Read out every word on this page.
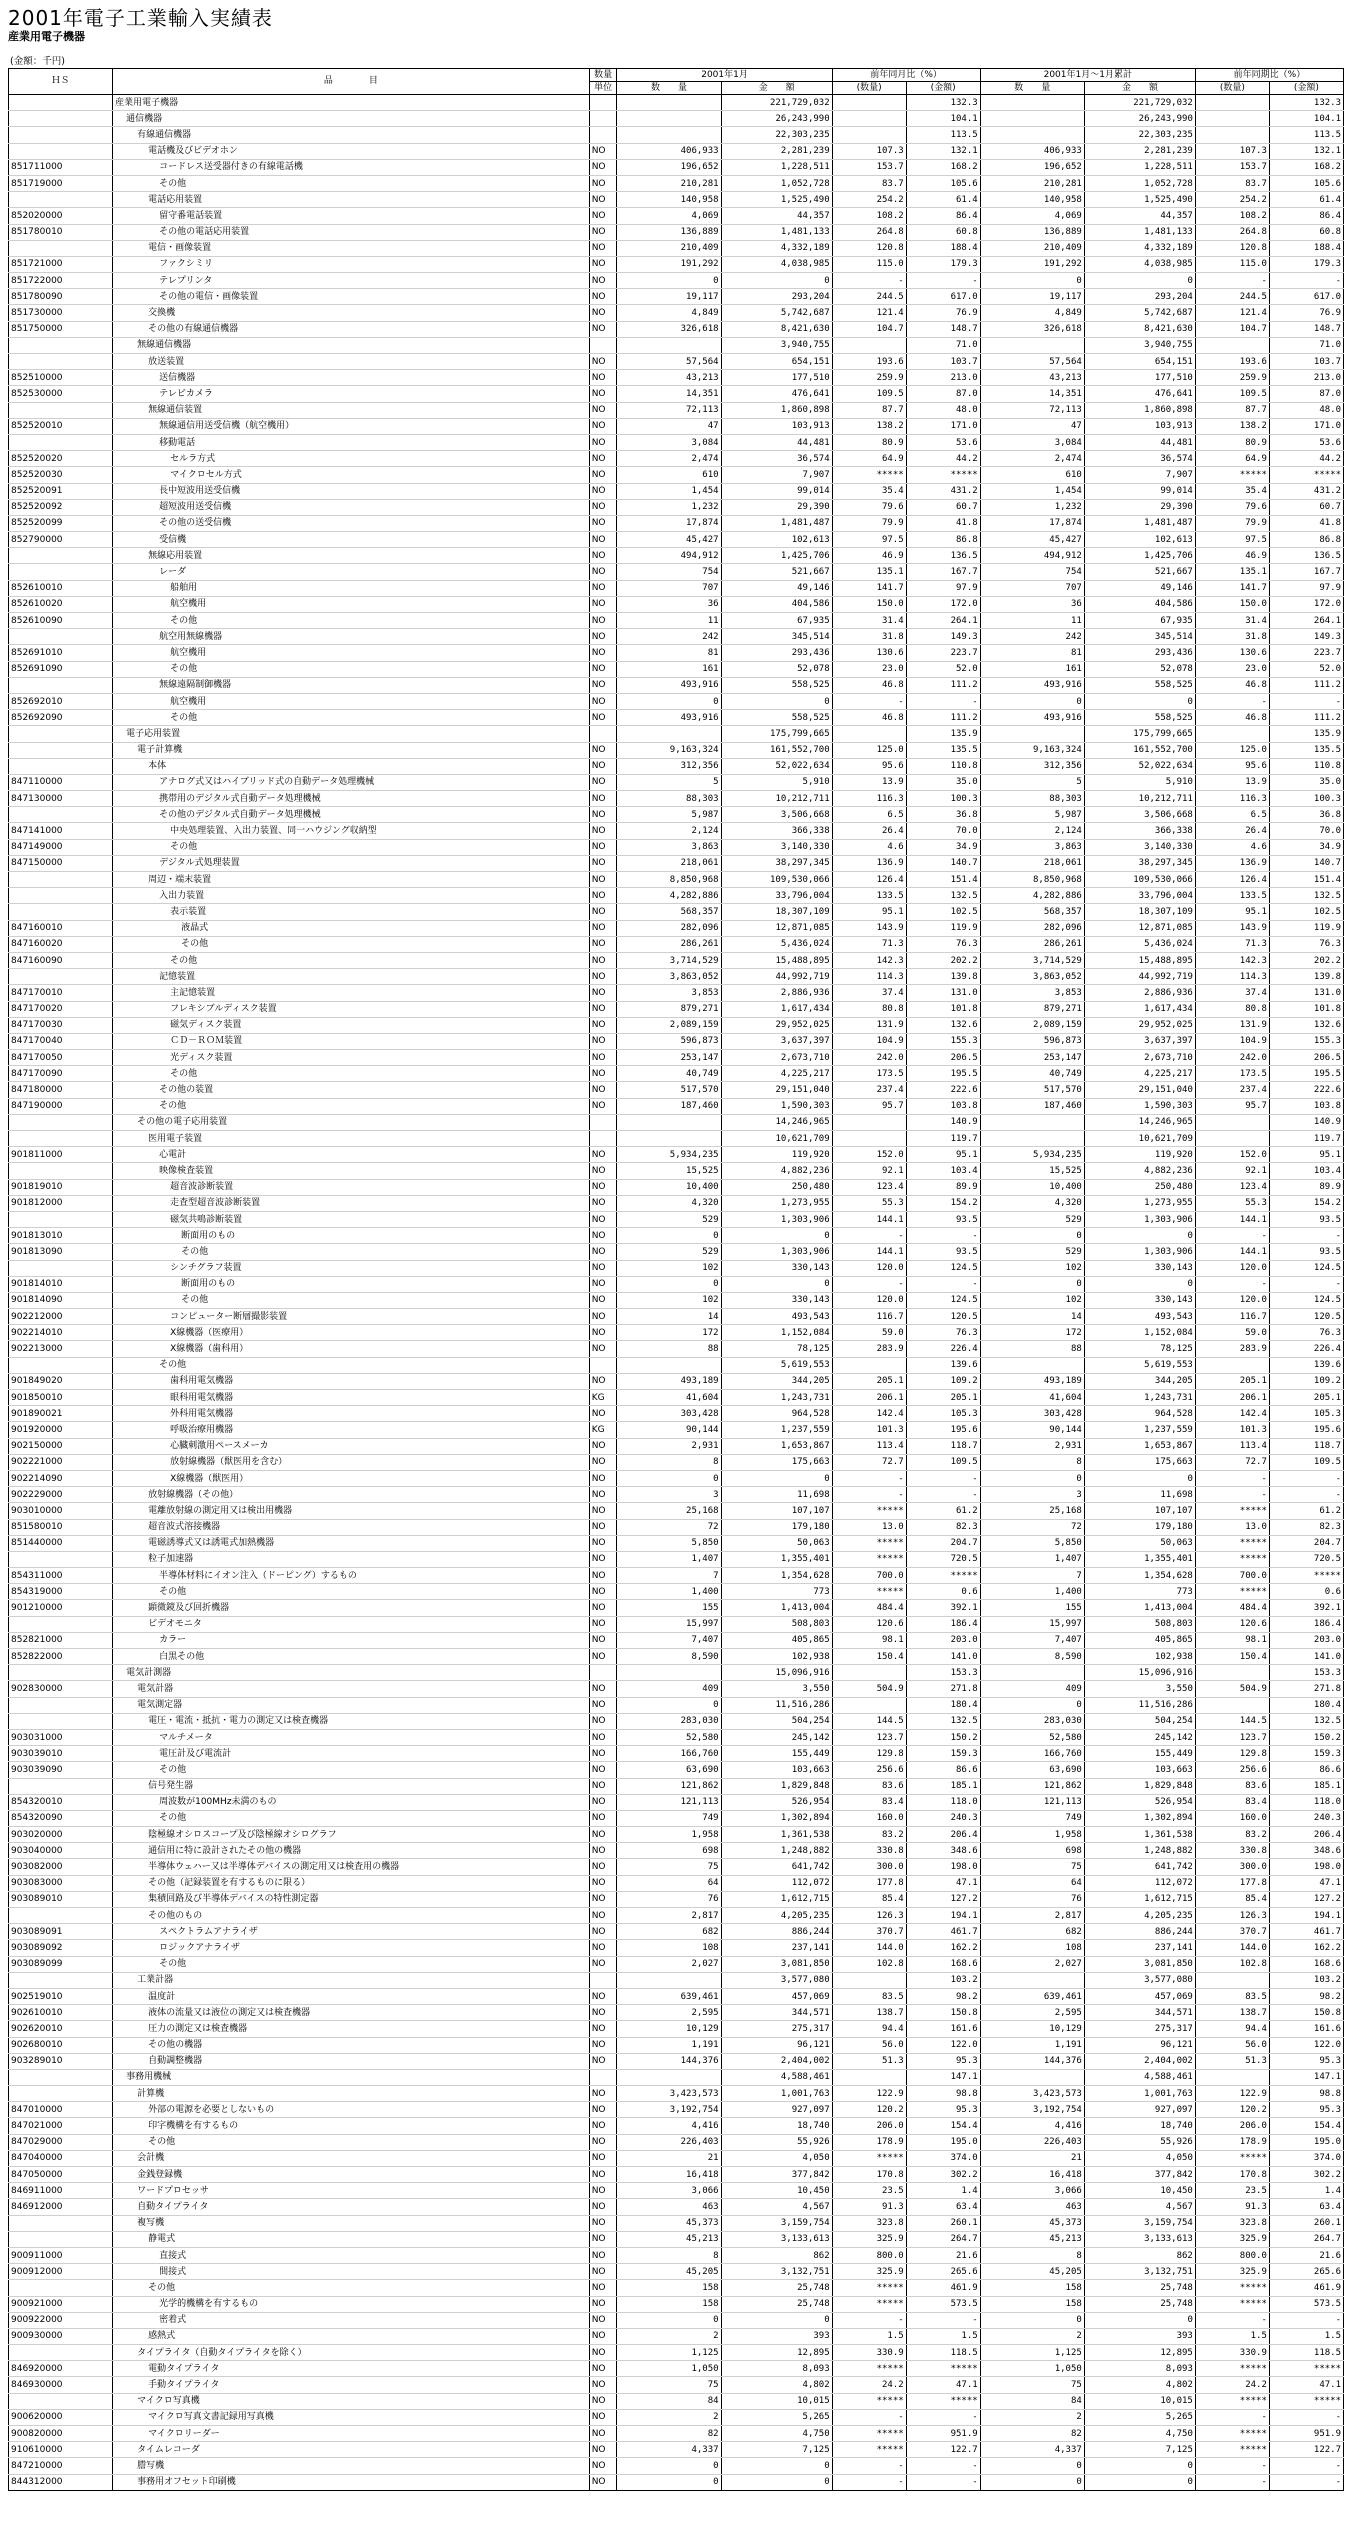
2001年電子工業輸入実績表
産業用電子機器
(金額：千円)
ＨＳ	品　　　　目	数量	2001年1月		前年同月比（%）		2001年1月～1月累計		前年同期比（%）	
		単位	数　　量	金　　額	(数量)	(金額)	数　　量	金　　額	(数量)	(金額)
	産業用電子機器			221,729,032		132.3		221,729,032		132.3
	通信機器			26,243,990		104.1		26,243,990		104.1
	有線通信機器			22,303,235		113.5		22,303,235		113.5
	電話機及びビデオホン	NO	406,933	2,281,239	107.3	132.1	406,933	2,281,239	107.3	132.1
851711000	コードレス送受器付きの有線電話機	NO	196,652	1,228,511	153.7	168.2	196,652	1,228,511	153.7	168.2
851719000	その他	NO	210,281	1,052,728	83.7	105.6	210,281	1,052,728	83.7	105.6
	電話応用装置	NO	140,958	1,525,490	254.2	61.4	140,958	1,525,490	254.2	61.4
852020000	留守番電話装置	NO	4,069	44,357	108.2	86.4	4,069	44,357	108.2	86.4
851780010	その他の電話応用装置	NO	136,889	1,481,133	264.8	60.8	136,889	1,481,133	264.8	60.8
	電信・画像装置	NO	210,409	4,332,189	120.8	188.4	210,409	4,332,189	120.8	188.4
851721000	ファクシミリ	NO	191,292	4,038,985	115.0	179.3	191,292	4,038,985	115.0	179.3
851722000	テレプリンタ	NO	0	0	-	-	0	0	-	-
851780090	その他の電信・画像装置	NO	19,117	293,204	244.5	617.0	19,117	293,204	244.5	617.0
851730000	交換機	NO	4,849	5,742,687	121.4	76.9	4,849	5,742,687	121.4	76.9
851750000	その他の有線通信機器	NO	326,618	8,421,630	104.7	148.7	326,618	8,421,630	104.7	148.7
	無線通信機器			3,940,755		71.0		3,940,755		71.0
	放送装置	NO	57,564	654,151	193.6	103.7	57,564	654,151	193.6	103.7
852510000	送信機器	NO	43,213	177,510	259.9	213.0	43,213	177,510	259.9	213.0
852530000	テレビカメラ	NO	14,351	476,641	109.5	87.0	14,351	476,641	109.5	87.0
	無線通信装置	NO	72,113	1,860,898	87.7	48.0	72,113	1,860,898	87.7	48.0
852520010	無線通信用送受信機（航空機用）	NO	47	103,913	138.2	171.0	47	103,913	138.2	171.0
	移動電話	NO	3,084	44,481	80.9	53.6	3,084	44,481	80.9	53.6
852520020	セルラ方式	NO	2,474	36,574	64.9	44.2	2,474	36,574	64.9	44.2
852520030	マイクロセル方式	NO	610	7,907	*****	*****	610	7,907	*****	*****
852520091	長中短波用送受信機	NO	1,454	99,014	35.4	431.2	1,454	99,014	35.4	431.2
852520092	超短波用送受信機	NO	1,232	29,390	79.6	60.7	1,232	29,390	79.6	60.7
852520099	その他の送受信機	NO	17,874	1,481,487	79.9	41.8	17,874	1,481,487	79.9	41.8
852790000	受信機	NO	45,427	102,613	97.5	86.8	45,427	102,613	97.5	86.8
	無線応用装置	NO	494,912	1,425,706	46.9	136.5	494,912	1,425,706	46.9	136.5
	レーダ	NO	754	521,667	135.1	167.7	754	521,667	135.1	167.7
852610010	船舶用	NO	707	49,146	141.7	97.9	707	49,146	141.7	97.9
852610020	航空機用	NO	36	404,586	150.0	172.0	36	404,586	150.0	172.0
852610090	その他	NO	11	67,935	31.4	264.1	11	67,935	31.4	264.1
	航空用無線機器	NO	242	345,514	31.8	149.3	242	345,514	31.8	149.3
852691010	航空機用	NO	81	293,436	130.6	223.7	81	293,436	130.6	223.7
852691090	その他	NO	161	52,078	23.0	52.0	161	52,078	23.0	52.0
	無線遠隔制御機器	NO	493,916	558,525	46.8	111.2	493,916	558,525	46.8	111.2
852692010	航空機用	NO	0	0	-	-	0	0	-	-
852692090	その他	NO	493,916	558,525	46.8	111.2	493,916	558,525	46.8	111.2
	電子応用装置			175,799,665		135.9		175,799,665		135.9
	電子計算機	NO	9,163,324	161,552,700	125.0	135.5	9,163,324	161,552,700	125.0	135.5
	本体	NO	312,356	52,022,634	95.6	110.8	312,356	52,022,634	95.6	110.8
847110000	アナログ式又はハイブリッド式の自動データ処理機械	NO	5	5,910	13.9	35.0	5	5,910	13.9	35.0
847130000	携帯用のデジタル式自動データ処理機械	NO	88,303	10,212,711	116.3	100.3	88,303	10,212,711	116.3	100.3
	その他のデジタル式自動データ処理機械	NO	5,987	3,506,668	6.5	36.8	5,987	3,506,668	6.5	36.8
847141000	中央処理装置、入出力装置、同一ハウジング収納型	NO	2,124	366,338	26.4	70.0	2,124	366,338	26.4	70.0
847149000	その他	NO	3,863	3,140,330	4.6	34.9	3,863	3,140,330	4.6	34.9
847150000	デジタル式処理装置	NO	218,061	38,297,345	136.9	140.7	218,061	38,297,345	136.9	140.7
	周辺・端末装置	NO	8,850,968	109,530,066	126.4	151.4	8,850,968	109,530,066	126.4	151.4
	入出力装置	NO	4,282,886	33,796,004	133.5	132.5	4,282,886	33,796,004	133.5	132.5
	表示装置	NO	568,357	18,307,109	95.1	102.5	568,357	18,307,109	95.1	102.5
847160010	液晶式	NO	282,096	12,871,085	143.9	119.9	282,096	12,871,085	143.9	119.9
847160020	その他	NO	286,261	5,436,024	71.3	76.3	286,261	5,436,024	71.3	76.3
847160090	その他	NO	3,714,529	15,488,895	142.3	202.2	3,714,529	15,488,895	142.3	202.2
	記憶装置	NO	3,863,052	44,992,719	114.3	139.8	3,863,052	44,992,719	114.3	139.8
847170010	主記憶装置	NO	3,853	2,886,936	37.4	131.0	3,853	2,886,936	37.4	131.0
847170020	フレキシブルディスク装置	NO	879,271	1,617,434	80.8	101.8	879,271	1,617,434	80.8	101.8
847170030	磁気ディスク装置	NO	2,089,159	29,952,025	131.9	132.6	2,089,159	29,952,025	131.9	132.6
847170040	ＣＤ－ＲＯＭ装置	NO	596,873	3,637,397	104.9	155.3	596,873	3,637,397	104.9	155.3
847170050	光ディスク装置	NO	253,147	2,673,710	242.0	206.5	253,147	2,673,710	242.0	206.5
847170090	その他	NO	40,749	4,225,217	173.5	195.5	40,749	4,225,217	173.5	195.5
847180000	その他の装置	NO	517,570	29,151,040	237.4	222.6	517,570	29,151,040	237.4	222.6
847190000	その他	NO	187,460	1,590,303	95.7	103.8	187,460	1,590,303	95.7	103.8
	その他の電子応用装置			14,246,965		140.9		14,246,965		140.9
	医用電子装置			10,621,709		119.7		10,621,709		119.7
901811000	心電計	NO	5,934,235	119,920	152.0	95.1	5,934,235	119,920	152.0	95.1
	映像検査装置	NO	15,525	4,882,236	92.1	103.4	15,525	4,882,236	92.1	103.4
901819010	超音波診断装置	NO	10,400	250,480	123.4	89.9	10,400	250,480	123.4	89.9
901812000	走査型超音波診断装置	NO	4,320	1,273,955	55.3	154.2	4,320	1,273,955	55.3	154.2
	磁気共鳴診断装置	NO	529	1,303,906	144.1	93.5	529	1,303,906	144.1	93.5
901813010	断面用のもの	NO	0	0	-	-	0	0	-	-
901813090	その他	NO	529	1,303,906	144.1	93.5	529	1,303,906	144.1	93.5
	シンチグラフ装置	NO	102	330,143	120.0	124.5	102	330,143	120.0	124.5
901814010	断面用のもの	NO	0	0	-	-	0	0	-	-
901814090	その他	NO	102	330,143	120.0	124.5	102	330,143	120.0	124.5
902212000	コンピューター断層撮影装置	NO	14	493,543	116.7	120.5	14	493,543	116.7	120.5
902214010	X線機器（医療用）	NO	172	1,152,084	59.0	76.3	172	1,152,084	59.0	76.3
902213000	X線機器（歯科用）	NO	88	78,125	283.9	226.4	88	78,125	283.9	226.4
	その他			5,619,553		139.6		5,619,553		139.6
901849020	歯科用電気機器	NO	493,189	344,205	205.1	109.2	493,189	344,205	205.1	109.2
901850010	眼科用電気機器	KG	41,604	1,243,731	206.1	205.1	41,604	1,243,731	206.1	205.1
901890021	外科用電気機器	NO	303,428	964,528	142.4	105.3	303,428	964,528	142.4	105.3
901920000	呼吸治療用機器	KG	90,144	1,237,559	101.3	195.6	90,144	1,237,559	101.3	195.6
902150000	心臓刺激用ペースメーカ	NO	2,931	1,653,867	113.4	118.7	2,931	1,653,867	113.4	118.7
902221000	放射線機器（獣医用を含む）	NO	8	175,663	72.7	109.5	8	175,663	72.7	109.5
902214090	X線機器（獣医用）	NO	0	0	-	-	0	0	-	-
902229000	放射線機器（その他）	NO	3	11,698	-	-	3	11,698	-	-
903010000	電離放射線の測定用又は検出用機器	NO	25,168	107,107	*****	61.2	25,168	107,107	*****	61.2
851580010	超音波式溶接機器	NO	72	179,180	13.0	82.3	72	179,180	13.0	82.3
851440000	電磁誘導式又は誘電式加熱機器	NO	5,850	50,063	*****	204.7	5,850	50,063	*****	204.7
	粒子加速器	NO	1,407	1,355,401	*****	720.5	1,407	1,355,401	*****	720.5
854311000	半導体材料にイオン注入（ドーピング）するもの	NO	7	1,354,628	700.0	*****	7	1,354,628	700.0	*****
854319000	その他	NO	1,400	773	*****	0.6	1,400	773	*****	0.6
901210000	顕微鏡及び回折機器	NO	155	1,413,004	484.4	392.1	155	1,413,004	484.4	392.1
	ビデオモニタ	NO	15,997	508,803	120.6	186.4	15,997	508,803	120.6	186.4
852821000	カラー	NO	7,407	405,865	98.1	203.0	7,407	405,865	98.1	203.0
852822000	白黒その他	NO	8,590	102,938	150.4	141.0	8,590	102,938	150.4	141.0
	電気計測器			15,096,916		153.3		15,096,916		153.3
902830000	電気計器	NO	409	3,550	504.9	271.8	409	3,550	504.9	271.8
	電気測定器	NO	0	11,516,286		180.4	0	11,516,286		180.4
	電圧・電流・抵抗・電力の測定又は検査機器	NO	283,030	504,254	144.5	132.5	283,030	504,254	144.5	132.5
903031000	マルチメータ	NO	52,580	245,142	123.7	150.2	52,580	245,142	123.7	150.2
903039010	電圧計及び電流計	NO	166,760	155,449	129.8	159.3	166,760	155,449	129.8	159.3
903039090	その他	NO	63,690	103,663	256.6	86.6	63,690	103,663	256.6	86.6
	信号発生器	NO	121,862	1,829,848	83.6	185.1	121,862	1,829,848	83.6	185.1
854320010	周波数が100MHz未満のもの	NO	121,113	526,954	83.4	118.0	121,113	526,954	83.4	118.0
854320090	その他	NO	749	1,302,894	160.0	240.3	749	1,302,894	160.0	240.3
903020000	陰極線オシロスコープ及び陰極線オシログラフ	NO	1,958	1,361,538	83.2	206.4	1,958	1,361,538	83.2	206.4
903040000	通信用に特に設計されたその他の機器	NO	698	1,248,882	330.8	348.6	698	1,248,882	330.8	348.6
903082000	半導体ウェハー又は半導体デバイスの測定用又は検査用の機器	NO	75	641,742	300.0	198.0	75	641,742	300.0	198.0
903083000	その他（記録装置を有するものに限る）	NO	64	112,072	177.8	47.1	64	112,072	177.8	47.1
903089010	集積回路及び半導体デバイスの特性測定器	NO	76	1,612,715	85.4	127.2	76	1,612,715	85.4	127.2
	その他のもの	NO	2,817	4,205,235	126.3	194.1	2,817	4,205,235	126.3	194.1
903089091	スペクトラムアナライザ	NO	682	886,244	370.7	461.7	682	886,244	370.7	461.7
903089092	ロジックアナライザ	NO	108	237,141	144.0	162.2	108	237,141	144.0	162.2
903089099	その他	NO	2,027	3,081,850	102.8	168.6	2,027	3,081,850	102.8	168.6
	工業計器			3,577,080		103.2		3,577,080		103.2
902519010	温度計	NO	639,461	457,069	83.5	98.2	639,461	457,069	83.5	98.2
902610010	液体の流量又は液位の測定又は検査機器	NO	2,595	344,571	138.7	150.8	2,595	344,571	138.7	150.8
902620010	圧力の測定又は検査機器	NO	10,129	275,317	94.4	161.6	10,129	275,317	94.4	161.6
902680010	その他の機器	NO	1,191	96,121	56.0	122.0	1,191	96,121	56.0	122.0
903289010	自動調整機器	NO	144,376	2,404,002	51.3	95.3	144,376	2,404,002	51.3	95.3
	事務用機械			4,588,461		147.1		4,588,461		147.1
	計算機	NO	3,423,573	1,001,763	122.9	98.8	3,423,573	1,001,763	122.9	98.8
847010000	外部の電源を必要としないもの	NO	3,192,754	927,097	120.2	95.3	3,192,754	927,097	120.2	95.3
847021000	印字機構を有するもの	NO	4,416	18,740	206.0	154.4	4,416	18,740	206.0	154.4
847029000	その他	NO	226,403	55,926	178.9	195.0	226,403	55,926	178.9	195.0
847040000	会計機	NO	21	4,050	*****	374.0	21	4,050	*****	374.0
847050000	金銭登録機	NO	16,418	377,842	170.8	302.2	16,418	377,842	170.8	302.2
846911000	ワードプロセッサ	NO	3,066	10,450	23.5	1.4	3,066	10,450	23.5	1.4
846912000	自動タイプライタ	NO	463	4,567	91.3	63.4	463	4,567	91.3	63.4
	複写機	NO	45,373	3,159,754	323.8	260.1	45,373	3,159,754	323.8	260.1
	静電式	NO	45,213	3,133,613	325.9	264.7	45,213	3,133,613	325.9	264.7
900911000	直接式	NO	8	862	800.0	21.6	8	862	800.0	21.6
900912000	間接式	NO	45,205	3,132,751	325.9	265.6	45,205	3,132,751	325.9	265.6
	その他	NO	158	25,748	*****	461.9	158	25,748	*****	461.9
900921000	光学的機構を有するもの	NO	158	25,748	*****	573.5	158	25,748	*****	573.5
900922000	密着式	NO	0	0	-	-	0	0	-	-
900930000	感熱式	NO	2	393	1.5	1.5	2	393	1.5	1.5
	タイプライタ（自動タイプライタを除く）	NO	1,125	12,895	330.9	118.5	1,125	12,895	330.9	118.5
846920000	電動タイプライタ	NO	1,050	8,093	*****	*****	1,050	8,093	*****	*****
846930000	手動タイプライタ	NO	75	4,802	24.2	47.1	75	4,802	24.2	47.1
	マイクロ写真機	NO	84	10,015	*****	*****	84	10,015	*****	*****
900620000	マイクロ写真文書記録用写真機	NO	2	5,265	-	-	2	5,265	-	-
900820000	マイクロリーダー	NO	82	4,750	*****	951.9	82	4,750	*****	951.9
910610000	タイムレコーダ	NO	4,337	7,125	*****	122.7	4,337	7,125	*****	122.7
847210000	謄写機	NO	0	0	-	-	0	0	-	-
844312000	事務用オフセット印刷機	NO	0	0	-	-	0	0	-	-
